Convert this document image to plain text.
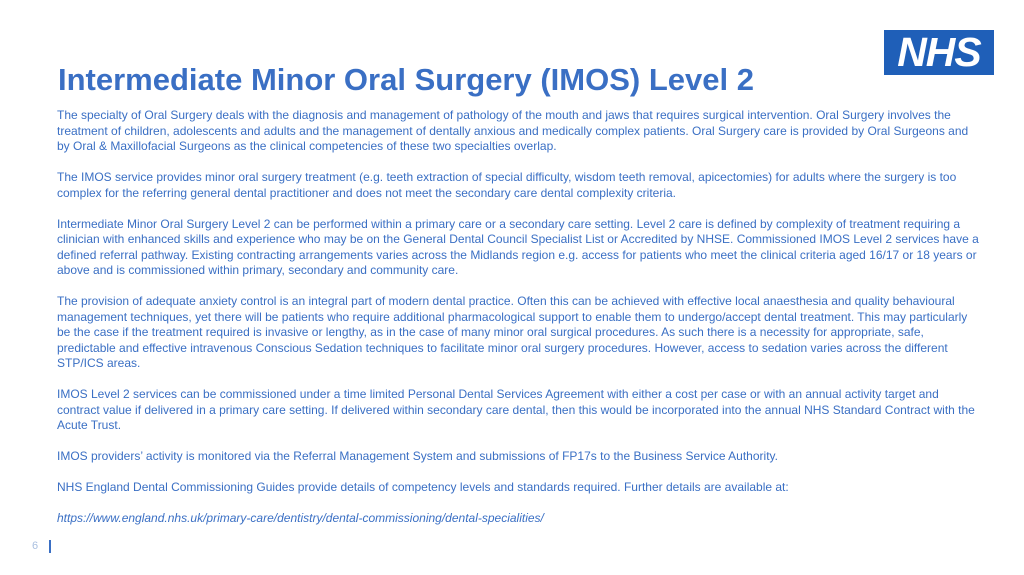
NHS
Intermediate Minor Oral Surgery (IMOS) Level 2

The specialty of Oral Surgery deals with the diagnosis and management of pathology of the mouth and jaws that requires surgical intervention. Oral Surgery involves the treatment of children, adolescents and adults and the management of dentally anxious and medically complex patients. Oral Surgery care is provided by Oral Surgeons and by Oral & Maxillofacial Surgeons as the clinical competencies of these two specialties overlap.

The IMOS service provides minor oral surgery treatment (e.g. teeth extraction of special difficulty, wisdom teeth removal, apicectomies) for adults where the surgery is too complex for the referring general dental practitioner and does not meet the secondary care dental complexity criteria.

Intermediate Minor Oral Surgery Level 2 can be performed within a primary care or a secondary care setting. Level 2 care is defined by complexity of treatment requiring a clinician with enhanced skills and experience who may be on the General Dental Council Specialist List or Accredited by NHSE. Commissioned IMOS Level 2 services have a defined referral pathway. Existing contracting arrangements varies across the Midlands region e.g. access for patients who meet the clinical criteria aged 16/17 or 18 years or above and is commissioned within primary, secondary and community care.

The provision of adequate anxiety control is an integral part of modern dental practice. Often this can be achieved with effective local anaesthesia and quality behavioural management techniques, yet there will be patients who require additional pharmacological support to enable them to undergo/accept dental treatment. This may particularly be the case if the treatment required is invasive or lengthy, as in the case of many minor oral surgical procedures. As such there is a necessity for appropriate, safe, predictable and effective intravenous Conscious Sedation techniques to facilitate minor oral surgery procedures. However, access to sedation varies across the different STP/ICS areas.

IMOS Level 2 services can be commissioned under a time limited Personal Dental Services Agreement with either a cost per case or with an annual activity target and contract value if delivered in a primary care setting. If delivered within secondary care dental, then this would be incorporated into the annual NHS Standard Contract with the Acute Trust.

IMOS providers’ activity is monitored via the Referral Management System and submissions of FP17s to the Business Service Authority.

NHS England Dental Commissioning Guides provide details of competency levels and standards required. Further details are available at:

https://www.england.nhs.uk/primary-care/dentistry/dental-commissioning/dental-specialities/

6
